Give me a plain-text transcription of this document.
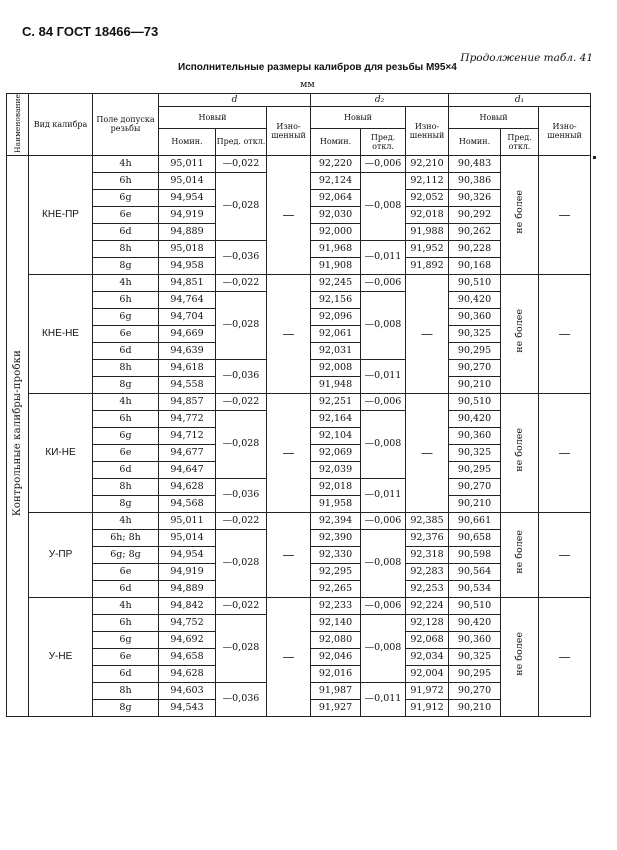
С. 84 ГОСТ 18466—73
Продолжение табл. 41
Исполнительные размеры калибров для резьбы М95×4
мм
Наименование	Вид калибра	Поле допуска резьбы	d			d₂			d₁		
			Новый		Изно-шенный	Новый		Изно-шенный	Новый		Изно-шенный
			Номин.	Пред. откл.		Номин.	Пред. откл.		Номин.	Пред. откл.	
Контрольные калибры-пробки	КНЕ-ПР	4h	95,011	—0,022	—	92,220	—0,006	92,210	90,483	не более	—
		6h	95,014	—0,028		92,124	—0,008	92,112	90,386		
		6g	94,954			92,064		92,052	90,326		
		6e	94,919			92,030		92,018	90,292		
		6d	94,889			92,000		91,988	90,262		
		8h	95,018	—0,036		91,968	—0,011	91,952	90,228		
		8g	94,958			91,908		91,892	90,168		
	КНЕ-НЕ	4h	94,851	—0,022	—	92,245	—0,006	—	90,510	не более	—
		6h	94,764	—0,028		92,156	—0,008		90,420		
		6g	94,704			92,096			90,360		
		6e	94,669			92,061			90,325		
		6d	94,639			92,031			90,295		
		8h	94,618	—0,036		92,008	—0,011		90,270		
		8g	94,558			91,948			90,210		
	КИ-НЕ	4h	94,857	—0,022	—	92,251	—0,006	—	90,510	не более	—
		6h	94,772	—0,028		92,164	—0,008		90,420		
		6g	94,712			92,104			90,360		
		6e	94,677			92,069			90,325		
		6d	94,647			92,039			90,295		
		8h	94,628	—0,036		92,018	—0,011		90,270		
		8g	94,568			91,958			90,210		
	У-ПР	4h	95,011	—0,022	—	92,394	—0,006	92,385	90,661	не более	—
		6h; 8h	95,014	—0,028		92,390	—0,008	92,376	90,658		
		6g; 8g	94,954			92,330		92,318	90,598		
		6e	94,919			92,295		92,283	90,564		
		6d	94,889			92,265		92,253	90,534		
	У-НЕ	4h	94,842	—0,022	—	92,233	—0,006	92,224	90,510	не более	—
		6h	94,752	—0,028		92,140	—0,008	92,128	90,420		
		6g	94,692			92,080		92,068	90,360		
		6e	94,658			92,046		92,034	90,325		
		6d	94,628			92,016		92,004	90,295		
		8h	94,603	—0,036		91,987	—0,011	91,972	90,270		
		8g	94,543			91,927		91,912	90,210		
